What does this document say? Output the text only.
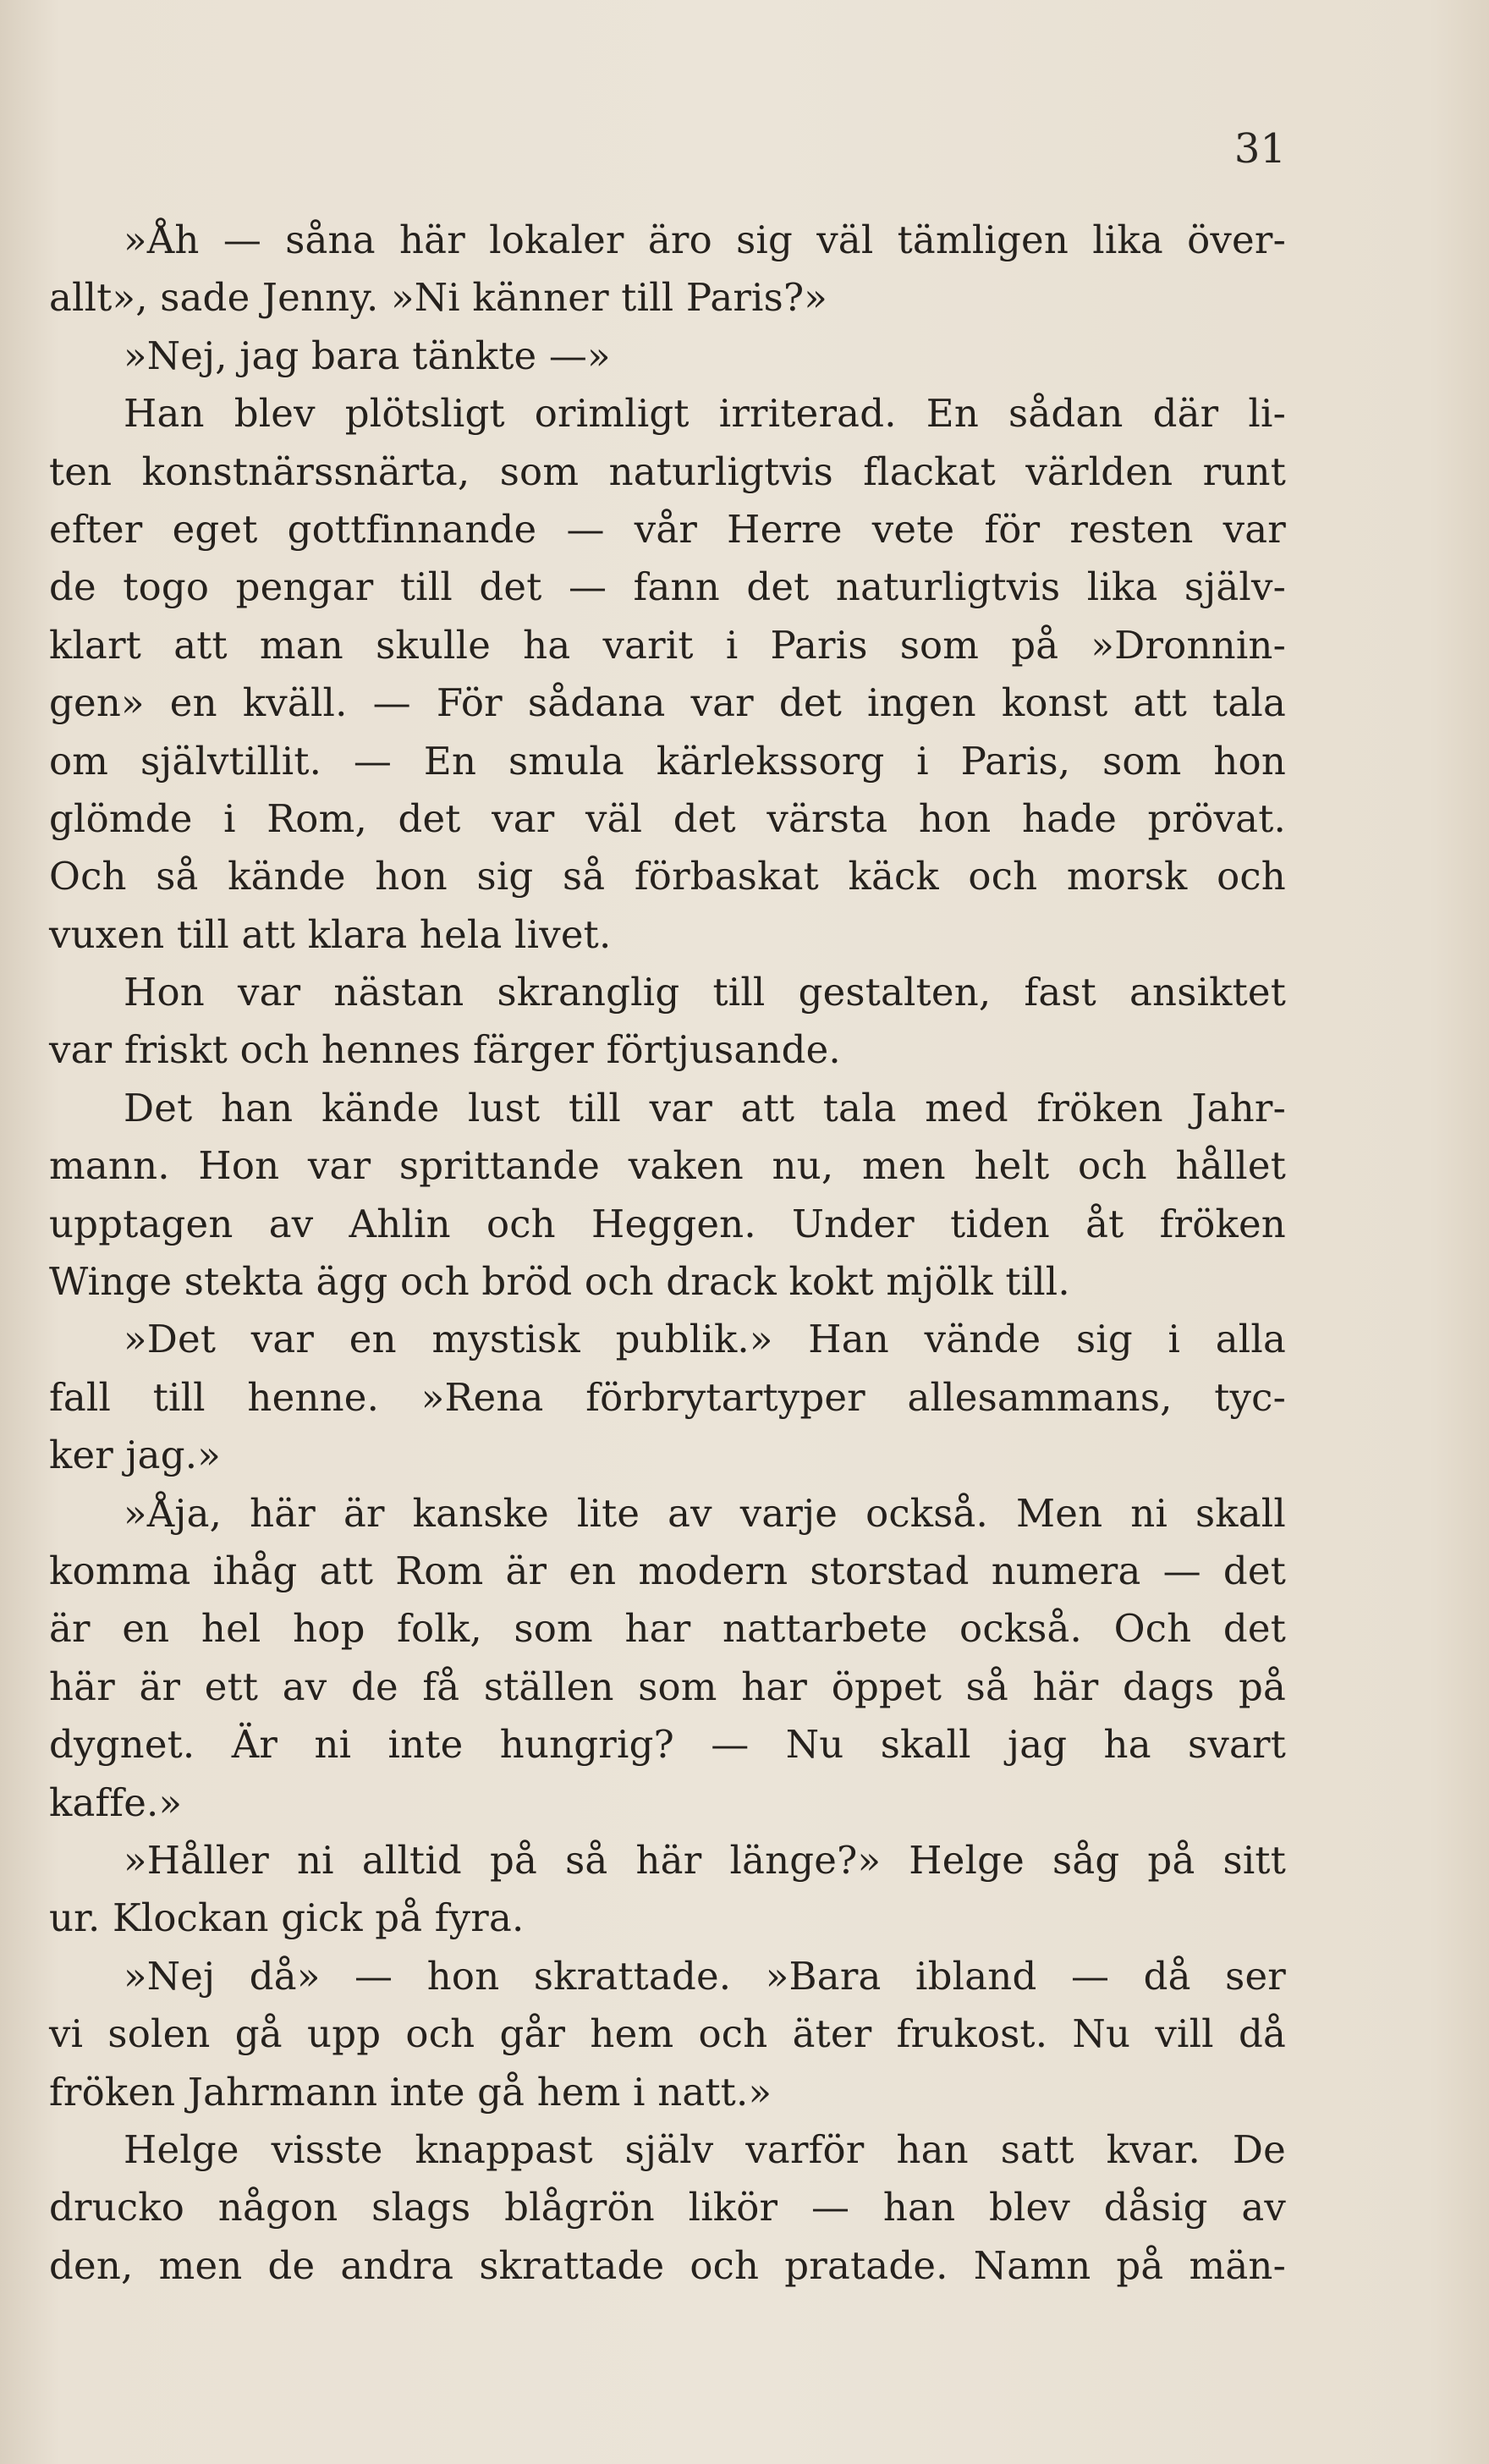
31
»Åh — såna här lokaler äro sig väl tämligen lika över-
allt», sade Jenny. »Ni känner till Paris?»
»Nej, jag bara tänkte —»
Han blev plötsligt orimligt irriterad. En sådan där li-
ten konstnärssnärta, som naturligtvis flackat världen runt
efter eget gottfinnande — vår Herre vete för resten var
de togo pengar till det — fann det naturligtvis lika själv-
klart att man skulle ha varit i Paris som på »Dronnin-
gen» en kväll. — För sådana var det ingen konst att tala
om självtillit. — En smula kärlekssorg i Paris, som hon
glömde i Rom, det var väl det värsta hon hade prövat.
Och så kände hon sig så förbaskat käck och morsk och
vuxen till att klara hela livet.
Hon var nästan skranglig till gestalten, fast ansiktet
var friskt och hennes färger förtjusande.
Det han kände lust till var att tala med fröken Jahr-
mann. Hon var sprittande vaken nu, men helt och hållet
upptagen av Ahlin och Heggen. Under tiden åt fröken
Winge stekta ägg och bröd och drack kokt mjölk till.
»Det var en mystisk publik.» Han vände sig i alla
fall till henne. »Rena förbrytartyper allesammans, tyc-
ker jag.»
»Åja, här är kanske lite av varje också. Men ni skall
komma ihåg att Rom är en modern storstad numera — det
är en hel hop folk, som har nattarbete också. Och det
här är ett av de få ställen som har öppet så här dags på
dygnet. Är ni inte hungrig? — Nu skall jag ha svart
kaffe.»
»Håller ni alltid på så här länge?» Helge såg på sitt
ur. Klockan gick på fyra.
»Nej då» — hon skrattade. »Bara ibland — då ser
vi solen gå upp och går hem och äter frukost. Nu vill då
fröken Jahrmann inte gå hem i natt.»
Helge visste knappast själv varför han satt kvar. De
drucko någon slags blågrön likör — han blev dåsig av
den, men de andra skrattade och pratade. Namn på män-
